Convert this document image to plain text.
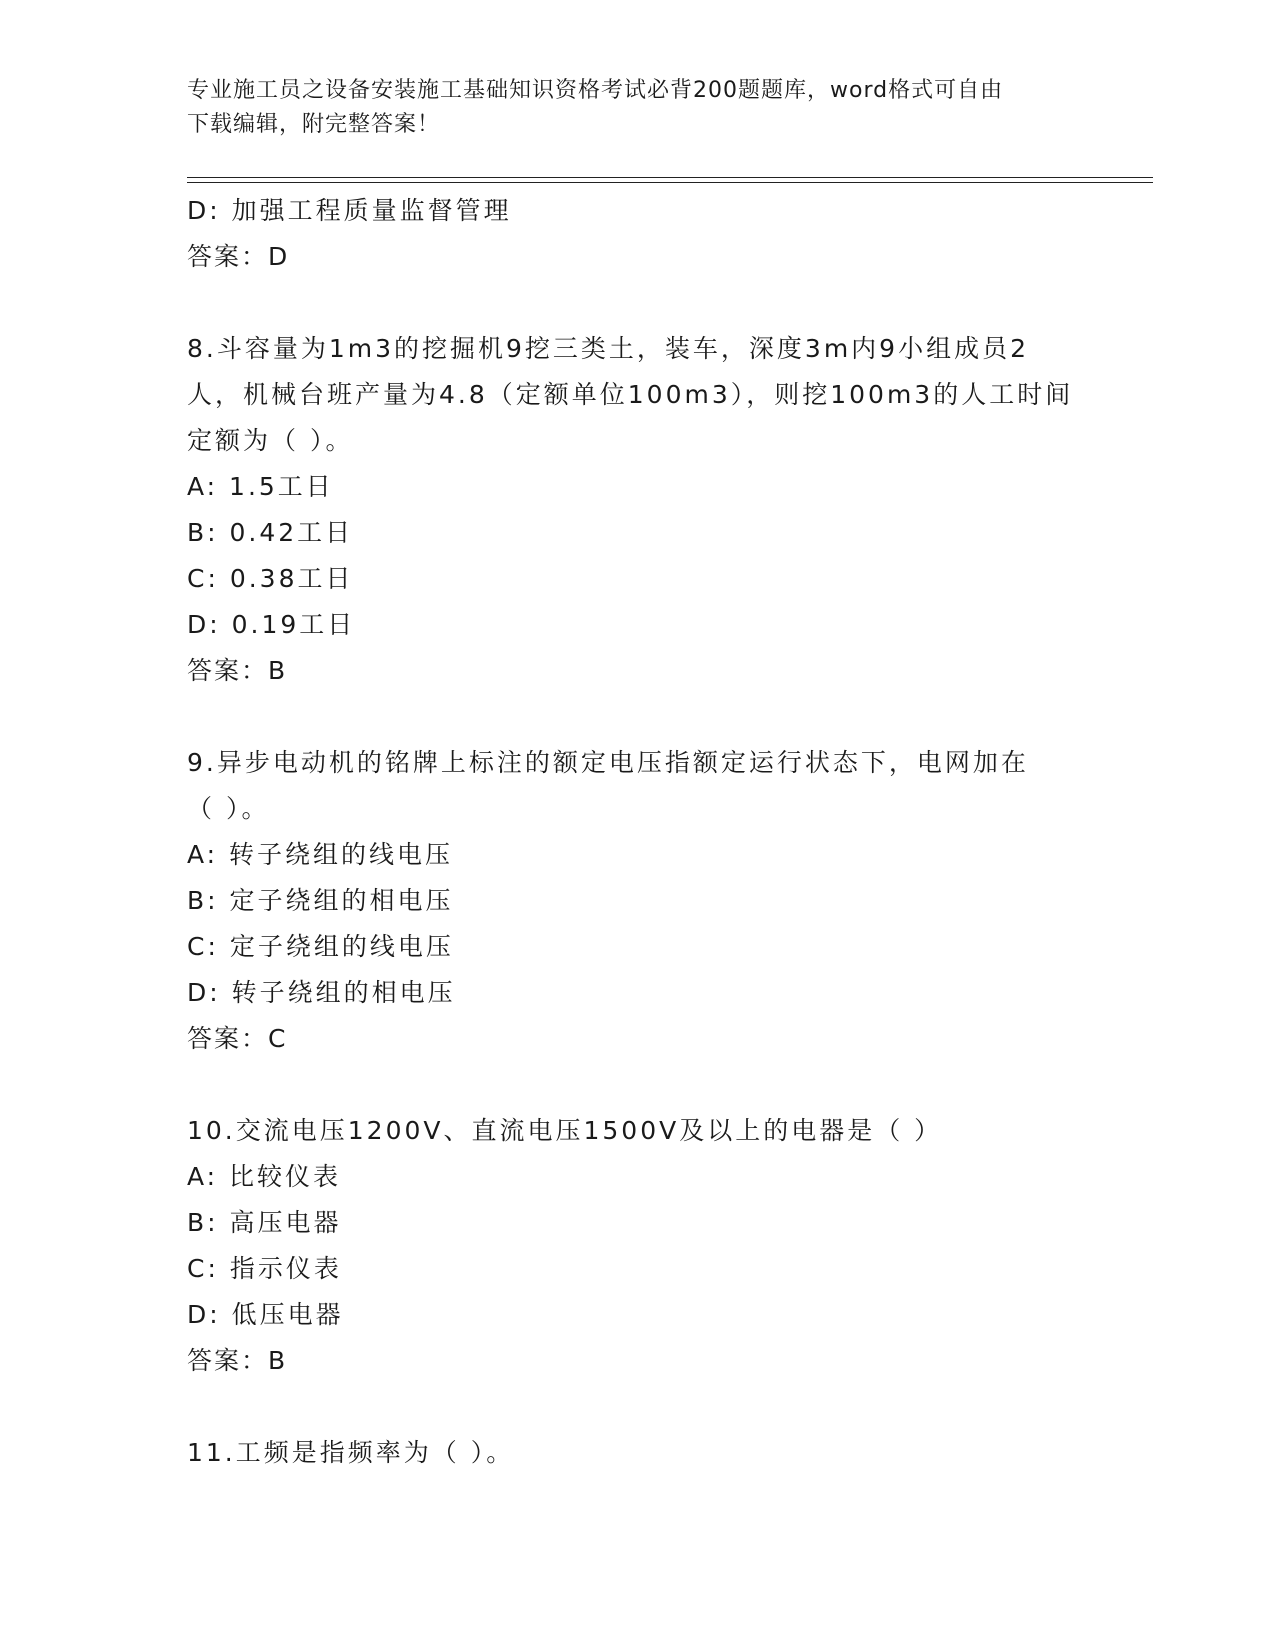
专业施工员之设备安装施工基础知识资格考试必背200题题库，word格式可自由
下载编辑，附完整答案！
D: 加强工程质量监督管理
答案：D
8.斗容量为1m3的挖掘机9挖三类土，装车，深度3m内9小组成员2
人，机械台班产量为4.8（定额单位100m3），则挖100m3的人工时间
定额为（ ）。
A: 1.5工日
B: 0.42工日
C: 0.38工日
D: 0.19工日
答案：B
9.异步电动机的铭牌上标注的额定电压指额定运行状态下，电网加在
（ ）。
A: 转子绕组的线电压
B: 定子绕组的相电压
C: 定子绕组的线电压
D: 转子绕组的相电压
答案：C
10.交流电压1200V、直流电压1500V及以上的电器是（ ）
A: 比较仪表
B: 高压电器
C: 指示仪表
D: 低压电器
答案：B
11.工频是指频率为（ ）。
